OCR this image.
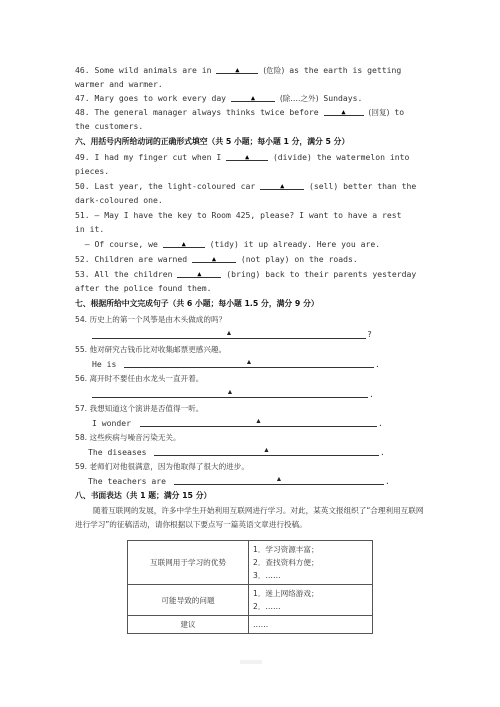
46. Some wild animals are in	▲	(危险) as the earth is getting
warmer and warmer.
47. Mary goes to work every day	▲	(除….之外) Sundays.
48. The general manager always thinks twice before	▲	(回复) to
the customers.
六、用括号内所给动词的正确形式填空（共 5 小题；每小题 1 分，满分 5 分）
49. I had my finger cut when I	▲	(divide) the watermelon into
pieces.
50. Last year, the light-coloured car	▲	(sell) better than the
dark-coloured one.
51. – May I have the key to Room 425, please? I want to have a rest
in it.
– Of course, we	▲	(tidy) it up already. Here you are.
52. Children are warned	▲	(not play) on the roads.
53. All the children	▲	(bring) back to their parents yesterday
after the police found them.
七、根据所给中文完成句子（共 6 小题；每小题 1.5 分，满分 9 分）
54. 历史上的第一个风筝是由木头做成的吗？
▲	?
55. 他对研究古钱币比对收集邮票更感兴趣。
He is	▲	.
56. 离开时不要任由水龙头一直开着。
▲	.
57. 我想知道这个演讲是否值得一听。
I wonder	▲	.
58. 这些疾病与噪音污染无关。
The diseases	▲	.
59. 老师们对他很满意，因为他取得了很大的进步。
The teachers are	▲	.
八、书面表达（共 1 题；满分 15 分）
随着互联网的发展，许多中学生开始利用互联网进行学习。对此，某英文报组织了“合理利用互联网进行学习”的征稿活动，请你根据以下要点写一篇英语文章进行投稿。
互联网用于学习的优势	1．学习资源丰富；
2．查找资料方便；
3．……

可能导致的问题	1．迷上网络游戏；
2．……

建议	……
